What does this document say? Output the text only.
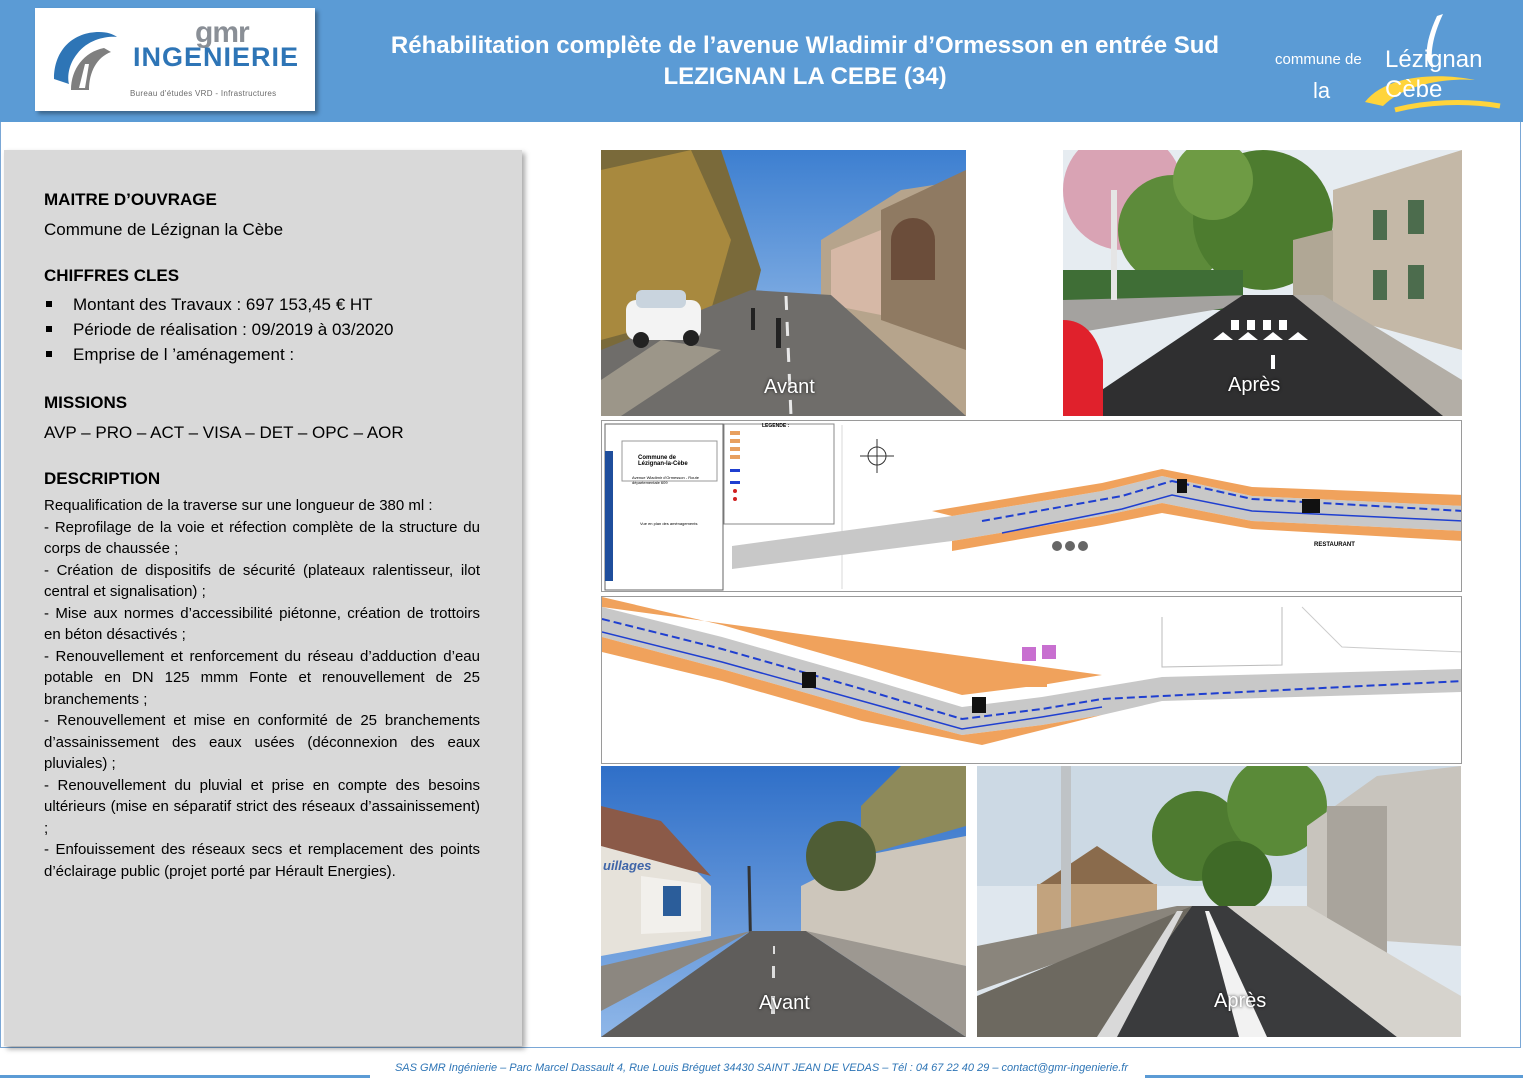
gmr
INGENIERIE
Bureau d'études VRD - Infrastructures
Réhabilitation complète de l’avenue Wladimir d’Ormesson en entrée Sud
LEZIGNAN LA CEBE (34)
commune de Lézignan
la Cèbe

MAITRE D’OUVRAGE

Commune de Lézignan la Cèbe

CHIFFRES CLES

Montant des Travaux : 697 153,45 € HT
Période de réalisation : 09/2019 à 03/2020
Emprise de l ’aménagement :

MISSIONS

AVP – PRO – ACT – VISA – DET – OPC – AOR

DESCRIPTION

Requalification de la traverse sur une longueur de 380 ml :
- Reprofilage de la voie et réfection complète de la structure du corps de chaussée ;
- Création de dispositifs de sécurité (plateaux ralentisseur, ilot central et signalisation) ;
- Mise aux normes d’accessibilité piétonne, création de trottoirs en béton désactivés ;
- Renouvellement et renforcement du réseau d’adduction d’eau potable en DN 125 mmm Fonte et renouvellement de 25 branchements ;
- Renouvellement et mise en conformité de 25 branchements d’assainissement des eaux usées (déconnexion des eaux pluviales) ;
- Renouvellement du pluvial et prise en compte des besoins ultérieurs (mise en séparatif strict des réseaux d’assainissement) ;
- Enfouissement des réseaux secs et remplacement des points d’éclairage public (projet porté par Hérault Energies).
Avant	Après
Commune de Lézignan-la-Cèbe
Avenue Wladimir d'Ormesson - Route départementale 609
Vue en plan des aménagements
LEGENDE :
RESTAURANT
uillages
Avant	Après
SAS GMR Ingénierie – Parc Marcel Dassault 4, Rue Louis Bréguet 34430 SAINT JEAN DE VEDAS – Tél : 04 67 22 40 29 – contact@gmr-ingenierie.fr
